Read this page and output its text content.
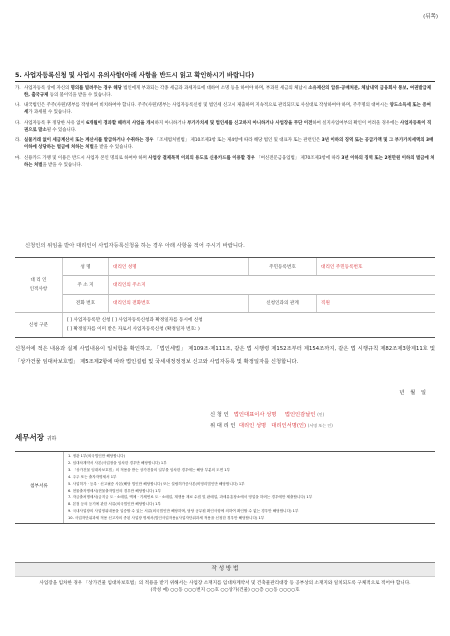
(뒤쪽)
5. 사업자등록신청 및 사업시 유의사항(아래 사항을 반드시 읽고 확인하시기 바랍니다)
가. 사업자등록 상에 자신의 명의를 빌려주는 경우 해당 법인에게 부과되는 각종 세금과 과세자료에 대하여 소명 등을 하여야 하며, 부과된 세금의 체납시 소유재산의 압류·공매처분, 체납내역 금융회사 통보, 여권발급제한, 출국규제 등의 불이익을 받을 수 있습니다.
나. 내국법인은 주주(사원)명부를 작성하여 비치하여야 합니다. 주주(사원)명부는 사업자등록신청 및 법인세 신고시 제출하며 지속적으로 관리되므로 사실대로 작성하여야 하며, 주주명의 대여시는 양도소득세 또는 증여세가 과세될 수 있습니다.
다. 사업자등록 후 정당한 사유 없이 6개월이 경과할 때까지 사업을 개시하지 아니하거나 부가가치세 및 법인세를 신고하지 아니하거나 사업장을 무단 이전하여 실지사업여부의 확인이 어려울 경우에는 사업자등록이 직권으로 말소될 수 있습니다.
라. 실물거래 없이 세금계산서 또는 계산서를 발급하거나 수취하는 경우 「조세범처벌법」 제10조제3항 또는 제4항에 따라 해당 법인 및 대표자 또는 관련인은 3년 이하의 징역 또는 공급가액 및 그 부가가치세액의 3배 이하에 상당하는 벌금에 처하는 처벌을 받을 수 있습니다.
마. 신용카드 가맹 및 이용은 반드시 사업자 본인 명의로 하여야 하며 사업상 결제목적 이외의 용도로 신용카드를 이용할 경우 「여신전문금융업법」 제70조제3항에 따라 3년 이하의 징역 또는 2천만원 이하의 벌금에 처하는 처벌을 받을 수 있습니다.
신청인의 위임을 받아 대리인이 사업자등록신청을 하는 경우 아래 사항을 적어 주시기 바랍니다.
대 리 인
인적사항
성 명	대리인 성명	주민등록번호	대리인 주민등록번호
주 소 지	대리인의 주소지
전화 번호	대리인의 전화번호	신청인과의 관계	직원
신청 구분
[ ] 사업자등록만 신청 [ ] 사업자등록신청과 확정일자를 동시에 신청
[ ] 확정일자를 이미 받은 자로서 사업자등록신청 (확정일자 번호: )
신청서에 적은 내용과 실제 사업내용이 일치함을 확인하고, 「법인세법」 제109조·제111조, 같은 법 시행령 제152조부터 제154조까지, 같은 법 시행규칙 제82조제3항제11호 및 「상가건물 임대차보호법」 제5조제2항에 따라 법인설립 및 국세새정정정보 신고와 사업자등록 및 확정일자를 신청합니다.
년 월 일
신 청 인 법인대표이사 성명 법인인감날인 (인)
위 대 리 인 대리인 성명 대리인서명(인) (서명 또는 인)
세무서장 귀하
첨부서류
1. 정관 1부(외국법인만 해당합니다)
2. 임대차계약서 사본(사업장을 임차한 경우만 해당합니다) 1부
3. 「상가건물 임대차보호법」의 적용을 받는 상가건물의 일부를 임차한 경우에는 해당 부분의 도면 1부
4. 주주 또는 출자자명세서 1부
5. 사업허가 · 등록 · 신고필증 사본(해당 법인만 해당합니다) 또는 설립허가증사본(비영리법인만 해당합니다) 1부
6. 현물출자명세서(현물출자법인의 경우만 해당합니다) 1부
7. 자금출처명세서(금지금 도 · 소매업, 액체 · 기체연료 도 · 소매업, 재생용 재료 수집 및 판매업, 과세유흥장소에서 영업을 하려는 경우에만 제출합니다) 1부
8. 본점 등의 등기에 관한 서류(외국법인만 해당합니다) 1부
9. 국내사업장의 사업영위내용을 입증할 수 있는 서류(외국법인만 해당하며, 담당 공무원 확인사항에 의하여 확인할 수 없는 경우만 해당합니다) 1부
10. 사업자단위과세 적용 신고자의 종된 사업장 명세서(법인사업자용)(사업자단위과세 적용을 신청한 경우만 해당합니다) 1부
작 성 방 법
사업장을 임차한 경우 「상가건물 임대차보호법」의 적용을 받기 위해서는 사업장 소재지를 임대차계약서 및 건축물관리대장 등 공부상의 소재지와 일치되도록 구체적으로 적어야 합니다.
(작성 예) ○○동 ○○○번지 ○○호 ○○상가(건물) ○○층 ○○동 ○○○○호
